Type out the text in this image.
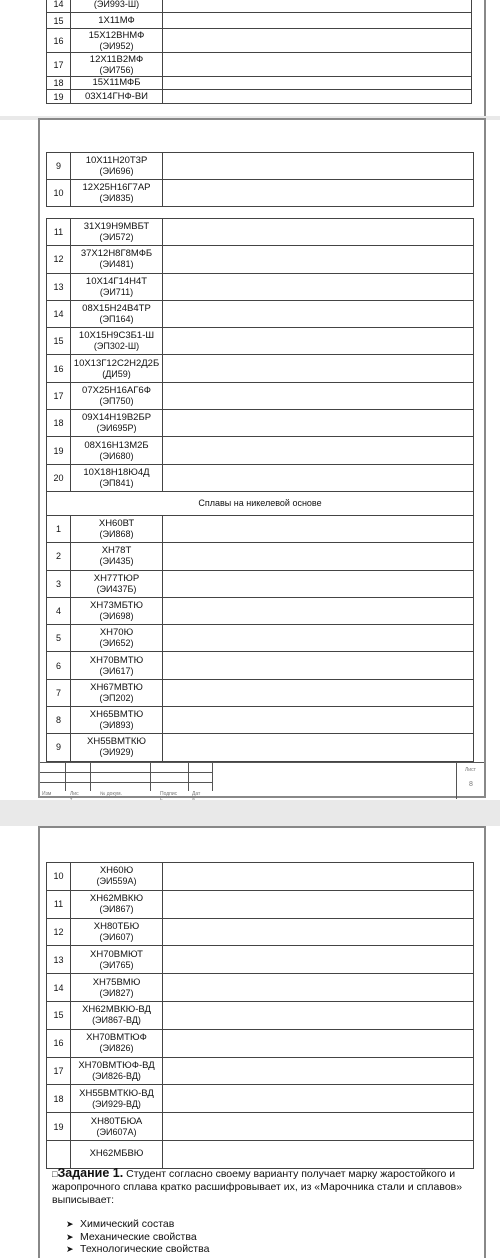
14	(ЭИ993-Ш)	

15	1Х11МФ	

16	15Х12ВНМФ
(ЭИ952)	

17	12Х11В2МФ
(ЭИ756)	

18	15Х11МФБ	

19	03Х14ГНФ-ВИ	

9	10Х11Н20Т3Р
(ЭИ696)	

10	12Х25Н16Г7АР
(ЭИ835)	

11	31Х19Н9МВБТ
(ЭИ572)	

12	37Х12Н8Г8МФБ
(ЭИ481)	

13	10Х14Г14Н4Т
(ЭИ711)	

14	08Х15Н24В4ТР
(ЭП164)	

15	10Х15Н9С3Б1-Ш
(ЭП302-Ш)	

16	10Х13Г12С2Н2Д2Б
(ДИ59)	

17	07Х25Н16АГ6Ф
(ЭП750)	

18	09Х14Н19В2БР
(ЭИ695Р)	

19	08Х16Н13М2Б
(ЭИ680)	

20	10Х18Н18Ю4Д
(ЭП841)	

Сплавы на никелевой основе		
1	ХН60ВТ
(ЭИ868)	

2	ХН78Т
(ЭИ435)	

3	ХН77ТЮР
(ЭИ437Б)	

4	ХН73МБТЮ
(ЭИ698)	

5	ХН70Ю
(ЭИ652)	

6	ХН70ВМТЮ
(ЭИ617)	

7	ХН67МВТЮ
(ЭП202)	

8	ХН65ВМТЮ
(ЭИ893)	

9	ХН55ВМТКЮ
(ЭИ929)	

Изм	Лис	№ докум.	Подпис	Дат
Лист
8
10	ХН60Ю
(ЭИ559А)	

11	ХН62МВКЮ
(ЭИ867)	

12	ХН80ТБЮ
(ЭИ607)	

13	ХН70ВМЮТ
(ЭИ765)	

14	ХН75ВМЮ
(ЭИ827)	

15	ХН62МВКЮ-ВД
(ЭИ867-ВД)	

16	ХН70ВМТЮФ
(ЭИ826)	

17	ХН70ВМТЮФ-ВД
(ЭИ826-ВД)	

18	ХН55ВМТКЮ-ВД
(ЭИ929-ВД)	

19	ХН80ТБЮА
(ЭИ607А)	

	ХН62МБВЮ	

□Задание 1. Студент согласно своему варианту получает марку жаростойкого и жаропрочного сплава кратко расшифровывает их, из «Марочника стали и сплавов» выписывает:
➤ Химический состав
➤ Механические свойства
➤ Технологические свойства
